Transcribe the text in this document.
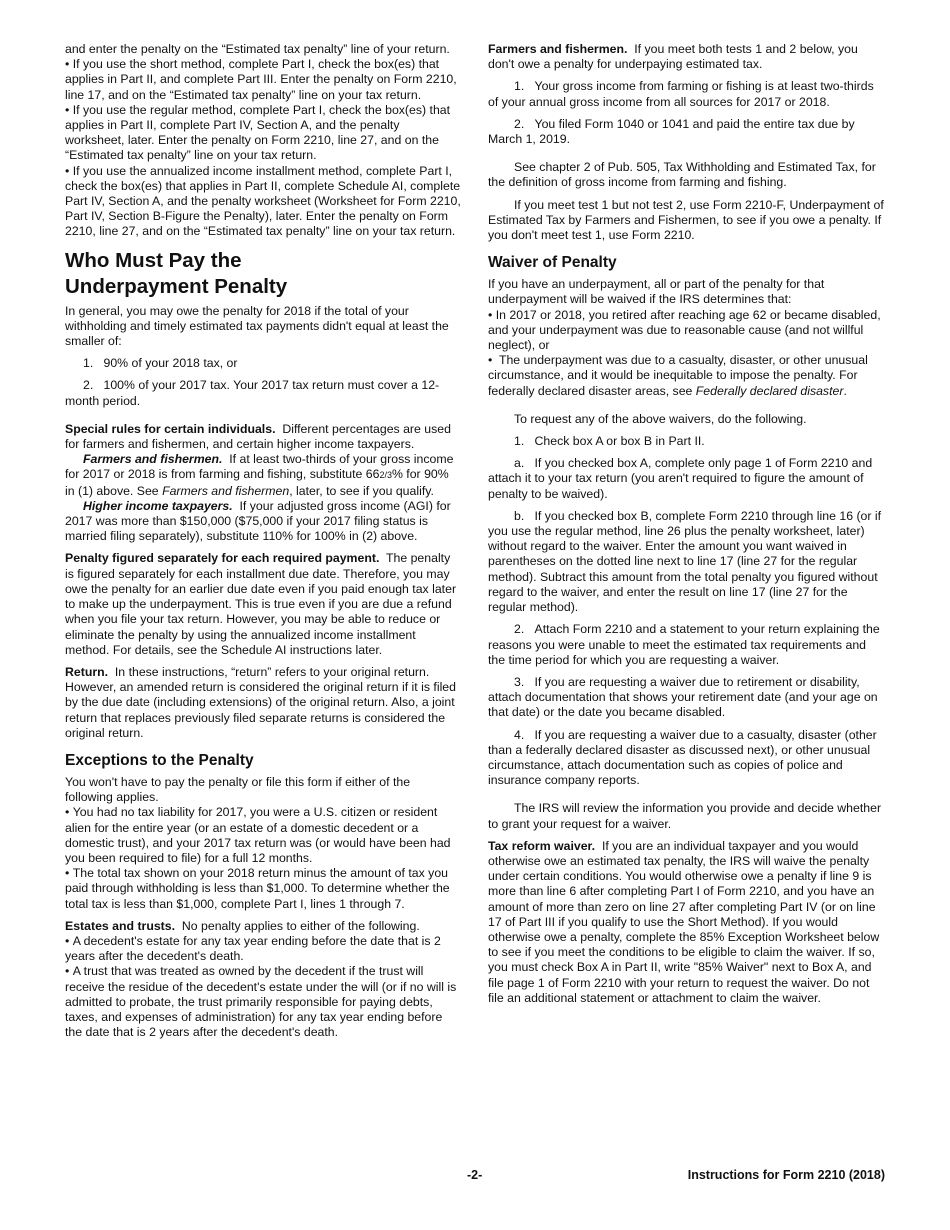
and enter the penalty on the “Estimated tax penalty” line of your return.

• If you use the short method, complete Part I, check the box(es) that applies in Part II, and complete Part III. Enter the penalty on Form 2210, line 17, and on the “Estimated tax penalty” line on your tax return.

• If you use the regular method, complete Part I, check the box(es) that applies in Part II, complete Part IV, Section A, and the penalty worksheet, later. Enter the penalty on Form 2210, line 27, and on the “Estimated tax penalty” line on your tax return.

• If you use the annualized income installment method, complete Part I, check the box(es) that applies in Part II, complete Schedule AI, complete Part IV, Section A, and the penalty worksheet (Worksheet for Form 2210, Part IV, Section B-Figure the Penalty), later. Enter the penalty on Form 2210, line 27, and on the “Estimated tax penalty” line on your tax return.

Who Must Pay the
Underpayment Penalty

In general, you may owe the penalty for 2018 if the total of your withholding and timely estimated tax payments didn't equal at least the smaller of:

1.   90% of your 2018 tax, or

2.   100% of your 2017 tax. Your 2017 tax return must cover a 12-month period.

Special rules for certain individuals. Different percentages are used for farmers and fishermen, and certain higher income taxpayers.

Farmers and fishermen. If at least two-thirds of your gross income for 2017 or 2018 is from farming and fishing, substitute 662/3% for 90% in (1) above. See Farmers and fishermen, later, to see if you qualify.

Higher income taxpayers. If your adjusted gross income (AGI) for 2017 was more than $150,000 ($75,000 if your 2017 filing status is married filing separately), substitute 110% for 100% in (2) above.

Penalty figured separately for each required payment. The penalty is figured separately for each installment due date. Therefore, you may owe the penalty for an earlier due date even if you paid enough tax later to make up the underpayment. This is true even if you are due a refund when you file your tax return. However, you may be able to reduce or eliminate the penalty by using the annualized income installment method. For details, see the Schedule AI instructions later.

Return. In these instructions, “return” refers to your original return. However, an amended return is considered the original return if it is filed by the due date (including extensions) of the original return. Also, a joint return that replaces previously filed separate returns is considered the original return.

Exceptions to the Penalty

You won't have to pay the penalty or file this form if either of the following applies.

• You had no tax liability for 2017, you were a U.S. citizen or resident alien for the entire year (or an estate of a domestic decedent or a domestic trust), and your 2017 tax return was (or would have been had you been required to file) for a full 12 months.

• The total tax shown on your 2018 return minus the amount of tax you paid through withholding is less than $1,000. To determine whether the total tax is less than $1,000, complete Part I, lines 1 through 7.

Estates and trusts. No penalty applies to either of the following.

• A decedent's estate for any tax year ending before the date that is 2 years after the decedent's death.

• A trust that was treated as owned by the decedent if the trust will receive the residue of the decedent's estate under the will (or if no will is admitted to probate, the trust primarily responsible for paying debts, taxes, and expenses of administration) for any tax year ending before the date that is 2 years after the decedent's death.

Farmers and fishermen. If you meet both tests 1 and 2 below, you don't owe a penalty for underpaying estimated tax.

1.   Your gross income from farming or fishing is at least two-thirds of your annual gross income from all sources for 2017 or 2018.

2.   You filed Form 1040 or 1041 and paid the entire tax due by March 1, 2019.

See chapter 2 of Pub. 505, Tax Withholding and Estimated Tax, for the definition of gross income from farming and fishing.

If you meet test 1 but not test 2, use Form 2210-F, Underpayment of Estimated Tax by Farmers and Fishermen, to see if you owe a penalty. If you don't meet test 1, use Form 2210.

Waiver of Penalty

If you have an underpayment, all or part of the penalty for that underpayment will be waived if the IRS determines that:

• In 2017 or 2018, you retired after reaching age 62 or became disabled, and your underpayment was due to reasonable cause (and not willful neglect), or

• The underpayment was due to a casualty, disaster, or other unusual circumstance, and it would be inequitable to impose the penalty. For federally declared disaster areas, see Federally declared disaster.

To request any of the above waivers, do the following.

1.   Check box A or box B in Part II.

a.   If you checked box A, complete only page 1 of Form 2210 and attach it to your tax return (you aren't required to figure the amount of penalty to be waived).

b.   If you checked box B, complete Form 2210 through line 16 (or if you use the regular method, line 26 plus the penalty worksheet, later) without regard to the waiver. Enter the amount you want waived in parentheses on the dotted line next to line 17 (line 27 for the regular method). Subtract this amount from the total penalty you figured without regard to the waiver, and enter the result on line 17 (line 27 for the regular method).

2.   Attach Form 2210 and a statement to your return explaining the reasons you were unable to meet the estimated tax requirements and the time period for which you are requesting a waiver.

3.   If you are requesting a waiver due to retirement or disability, attach documentation that shows your retirement date (and your age on that date) or the date you became disabled.

4.   If you are requesting a waiver due to a casualty, disaster (other than a federally declared disaster as discussed next), or other unusual circumstance, attach documentation such as copies of police and insurance company reports.

The IRS will review the information you provide and decide whether to grant your request for a waiver.

Tax reform waiver. If you are an individual taxpayer and you would otherwise owe an estimated tax penalty, the IRS will waive the penalty under certain conditions. You would otherwise owe a penalty if line 9 is more than line 6 after completing Part I of Form 2210, and you have an amount of more than zero on line 27 after completing Part IV (or on line 17 of Part III if you qualify to use the Short Method). If you would otherwise owe a penalty, complete the 85% Exception Worksheet below to see if you meet the conditions to be eligible to claim the waiver. If so, you must check Box A in Part II, write "85% Waiver" next to Box A, and file page 1 of Form 2210 with your return to request the waiver. Do not file an additional statement or attachment to claim the waiver.

-2-	Instructions for Form 2210 (2018)
